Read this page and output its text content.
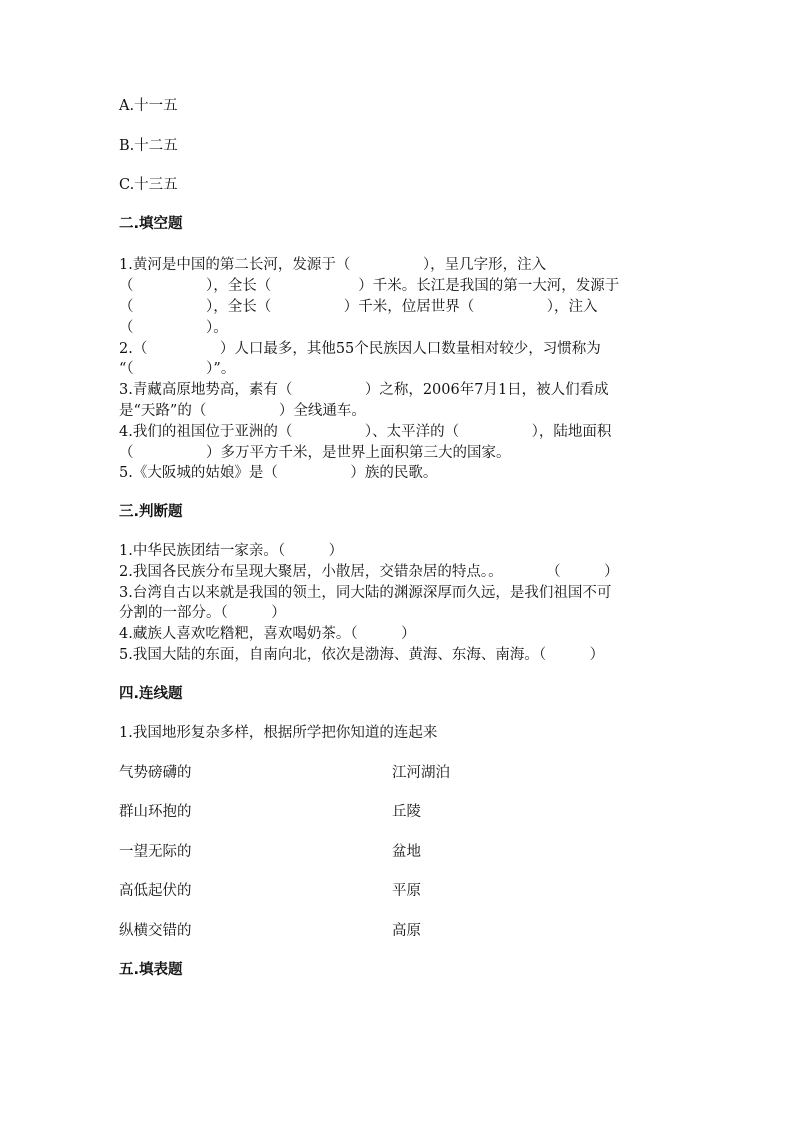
A.十一五
B.十二五
C.十三五
二.填空题
1.黄河是中国的第二长河，发源于（　　　　　），呈几字形，注入
（　　　　　），全长（　　　　　　）千米。长江是我国的第一大河，发源于
（　　　　　），全长（　　　　　）千米，位居世界（　　　　　），注入
（　　　　　）。
2.（　　　　　）人口最多，其他55个民族因人口数量相对较少，习惯称为
“（　　　　　）”。
3.青藏高原地势高，素有（　　　　　）之称，2006年7月1日，被人们看成
是“天路”的（　　　　　）全线通车。
4.我们的祖国位于亚洲的（　　　　　）、太平洋的（　　　　　），陆地面积
（　　　　　）多万平方千米，是世界上面积第三大的国家。
5.《大阪城的姑娘》是（　　　　　）族的民歌。
三.判断题
1.中华民族团结一家亲。（　　　）
2.我国各民族分布呈现大聚居，小散居，交错杂居的特点。。　　　　（　　　）
3.台湾自古以来就是我国的领土，同大陆的渊源深厚而久远，是我们祖国不可
分割的一部分。（　　　）
4.藏族人喜欢吃糌粑，喜欢喝奶茶。（　　　）
5.我国大陆的东面，自南向北，依次是渤海、黄海、东海、南海。（　　　）
四.连线题
1.我国地形复杂多样，根据所学把你知道的连起来
气势磅礴的	江河湖泊
群山环抱的	丘陵
一望无际的	盆地
高低起伏的	平原
纵横交错的	高原
五.填表题
